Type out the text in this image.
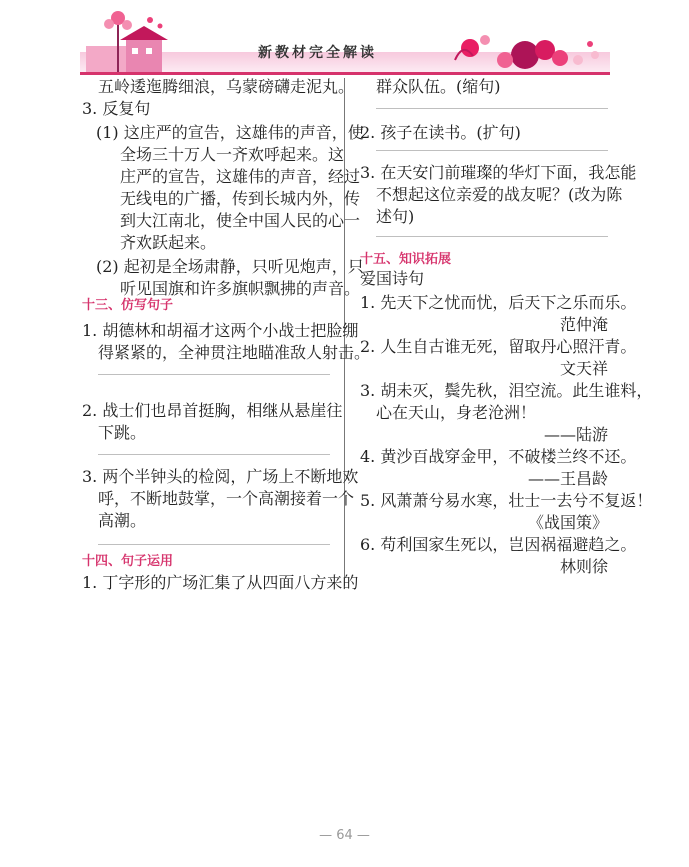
新教材完全解读
五岭逶迤腾细浪，乌蒙磅礴走泥丸。
3. 反复句
(1) 这庄严的宣告，这雄伟的声音，使
全场三十万人一齐欢呼起来。这
庄严的宣告，这雄伟的声音，经过
无线电的广播，传到长城内外，传
到大江南北，使全中国人民的心一
齐欢跃起来。
(2) 起初是全场肃静，只听见炮声，只
听见国旗和许多旗帜飘拂的声音。
十三、仿写句子
1. 胡德林和胡福才这两个小战士把脸绷
得紧紧的，全神贯注地瞄准敌人射击。
2. 战士们也昂首挺胸，相继从悬崖往
下跳。
3. 两个半钟头的检阅，广场上不断地欢
呼，不断地鼓掌，一个高潮接着一个
高潮。
十四、句子运用
1. 丁字形的广场汇集了从四面八方来的
群众队伍。(缩句)
2. 孩子在读书。(扩句)
3. 在天安门前璀璨的华灯下面，我怎能
不想起这位亲爱的战友呢？(改为陈
述句)
十五、知识拓展
爱国诗句
1. 先天下之忧而忧，后天下之乐而乐。
范仲淹
2. 人生自古谁无死，留取丹心照汗青。
文天祥
3. 胡未灭，鬓先秋，泪空流。此生谁料，
心在天山，身老沧洲！
——陆游
4. 黄沙百战穿金甲，不破楼兰终不还。
——王昌龄
5. 风萧萧兮易水寒，壮士一去兮不复返！
《战国策》
6. 苟利国家生死以，岂因祸福避趋之。
林则徐
— 64 —
